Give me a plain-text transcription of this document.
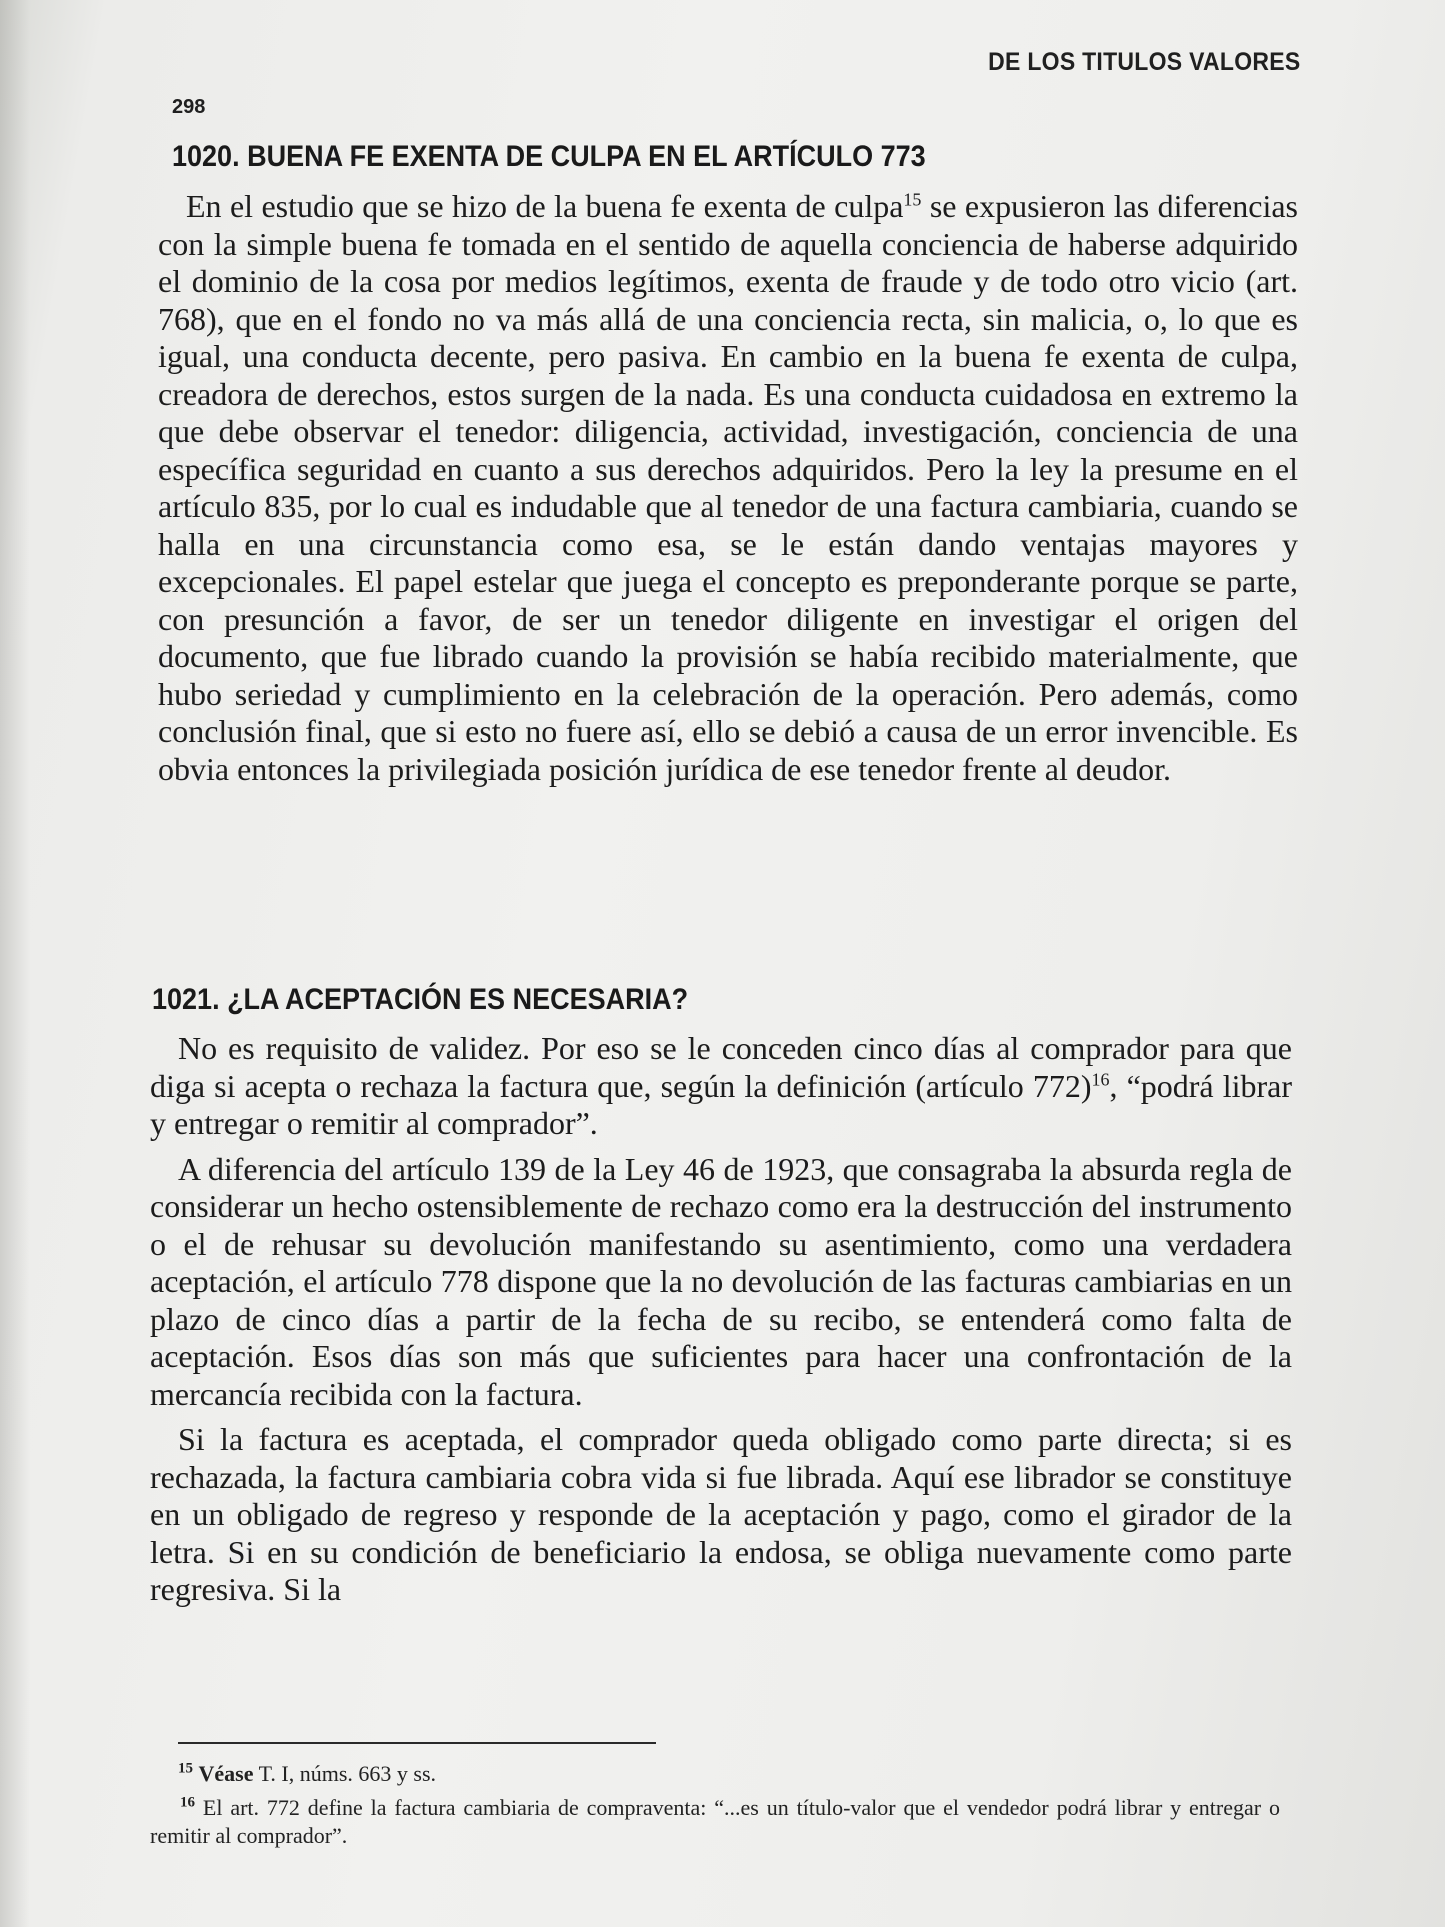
DE LOS TITULOS VALORES
298
1020. BUENA FE EXENTA DE CULPA EN EL ARTÍCULO 773

En el estudio que se hizo de la buena fe exenta de culpa$^{15}$ se expusieron las diferencias con la simple buena fe tomada en el sentido de aquella conciencia de haberse adquirido el dominio de la cosa por medios legítimos, exenta de fraude y de todo otro vicio (art. 768), que en el fondo no va más allá de una conciencia recta, sin malicia, o, lo que es igual, una conducta decente, pero pasiva. En cambio en la buena fe exenta de culpa, creadora de derechos, estos surgen de la nada. Es una conducta cuidadosa en extremo la que debe observar el tenedor: diligencia, actividad, investigación, conciencia de una específica seguridad en cuanto a sus derechos adquiridos. Pero la ley la presume en el artículo 835, por lo cual es indudable que al tenedor de una factura cambiaria, cuando se halla en una circunstancia como esa, se le están dando ventajas mayores y excepcionales. El papel estelar que juega el concepto es preponderante porque se parte, con presunción a favor, de ser un tenedor diligente en investigar el origen del documento, que fue librado cuando la provisión se había recibido materialmente, que hubo seriedad y cumplimiento en la celebración de la operación. Pero además, como conclusión final, que si esto no fuere así, ello se debió a causa de un error invencible. Es obvia entonces la privilegiada posición jurídica de ese tenedor frente al deudor.

1021. ¿LA ACEPTACIÓN ES NECESARIA?

No es requisito de validez. Por eso se le conceden cinco días al comprador para que diga si acepta o rechaza la factura que, según la definición (artículo 772)$^{16}$, “podrá librar y entregar o remitir al comprador”.

A diferencia del artículo 139 de la Ley 46 de 1923, que consagraba la absurda regla de considerar un hecho ostensiblemente de rechazo como era la destrucción del instrumento o el de rehusar su devolución manifestando su asentimiento, como una verdadera aceptación, el artículo 778 dispone que la no devolución de las facturas cambiarias en un plazo de cinco días a partir de la fecha de su recibo, se entenderá como falta de aceptación. Esos días son más que suficientes para hacer una confrontación de la mercancía recibida con la factura.

Si la factura es aceptada, el comprador queda obligado como parte directa; si es rechazada, la factura cambiaria cobra vida si fue librada. Aquí ese librador se constituye en un obligado de regreso y responde de la aceptación y pago, como el girador de la letra. Si en su condición de beneficiario la endosa, se obliga nuevamente como parte regresiva. Si la

$^{15}$ Véase T. I, núms. 663 y ss.

$^{16}$ El art. 772 define la factura cambiaria de compraventa: “...es un título-valor que el vendedor podrá librar y entregar o remitir al comprador”.
